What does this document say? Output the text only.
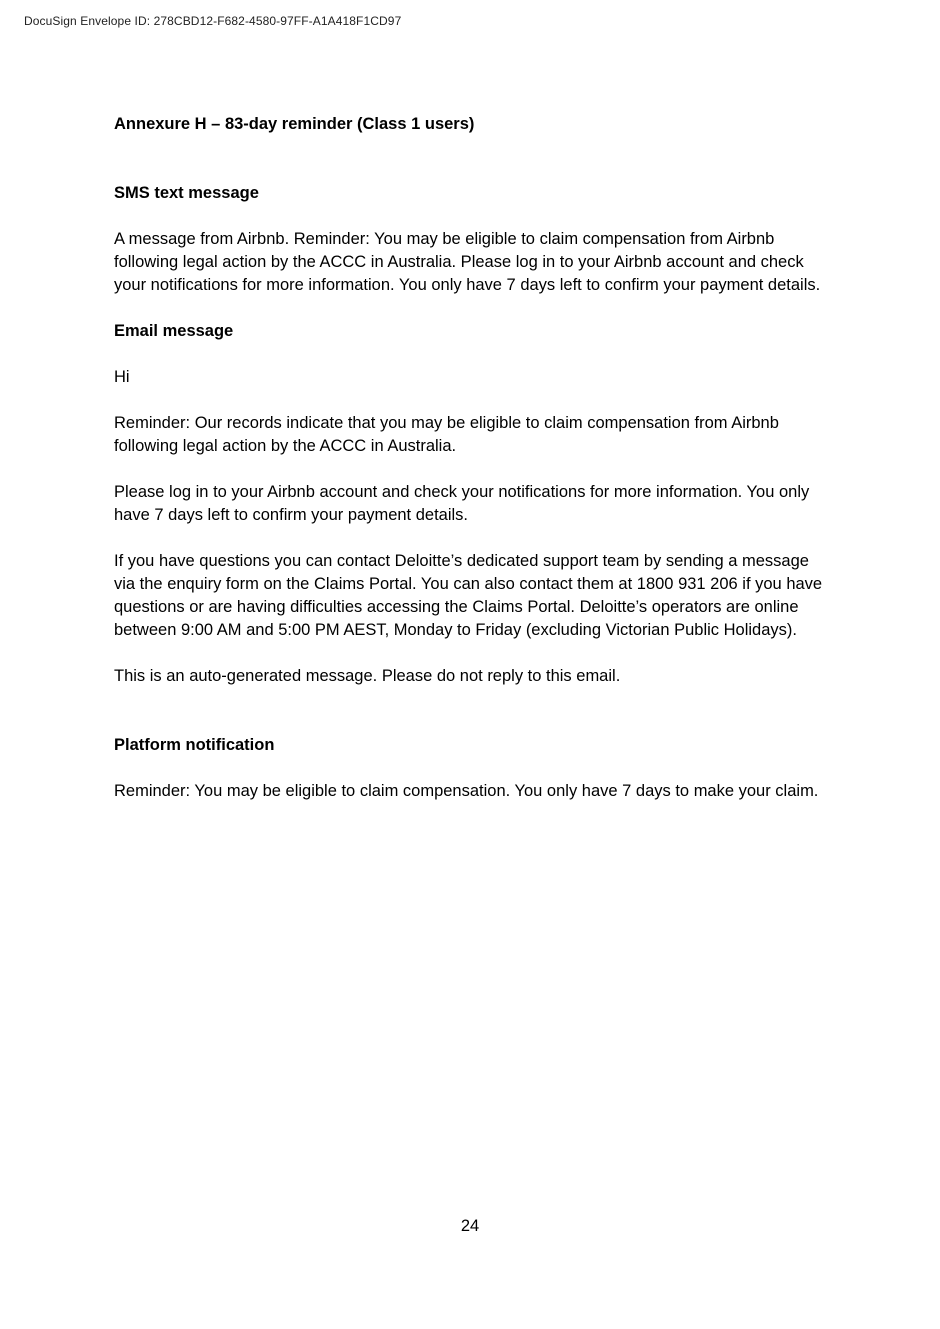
DocuSign Envelope ID: 278CBD12-F682-4580-97FF-A1A418F1CD97
Annexure H – 83-day reminder (Class 1 users)
SMS text message
A message from Airbnb. Reminder: You may be eligible to claim compensation from Airbnb following legal action by the ACCC in Australia. Please log in to your Airbnb account and check your notifications for more information. You only have 7 days left to confirm your payment details.
Email message
Hi
Reminder: Our records indicate that you may be eligible to claim compensation from Airbnb following legal action by the ACCC in Australia.
Please log in to your Airbnb account and check your notifications for more information. You only have 7 days left to confirm your payment details.
If you have questions you can contact Deloitte’s dedicated support team by sending a message via the enquiry form on the Claims Portal. You can also contact them at 1800 931 206 if you have questions or are having difficulties accessing the Claims Portal. Deloitte’s operators are online between 9:00 AM and 5:00 PM AEST, Monday to Friday (excluding Victorian Public Holidays).
This is an auto-generated message. Please do not reply to this email.
Platform notification
Reminder: You may be eligible to claim compensation. You only have 7 days to make your claim.
24
